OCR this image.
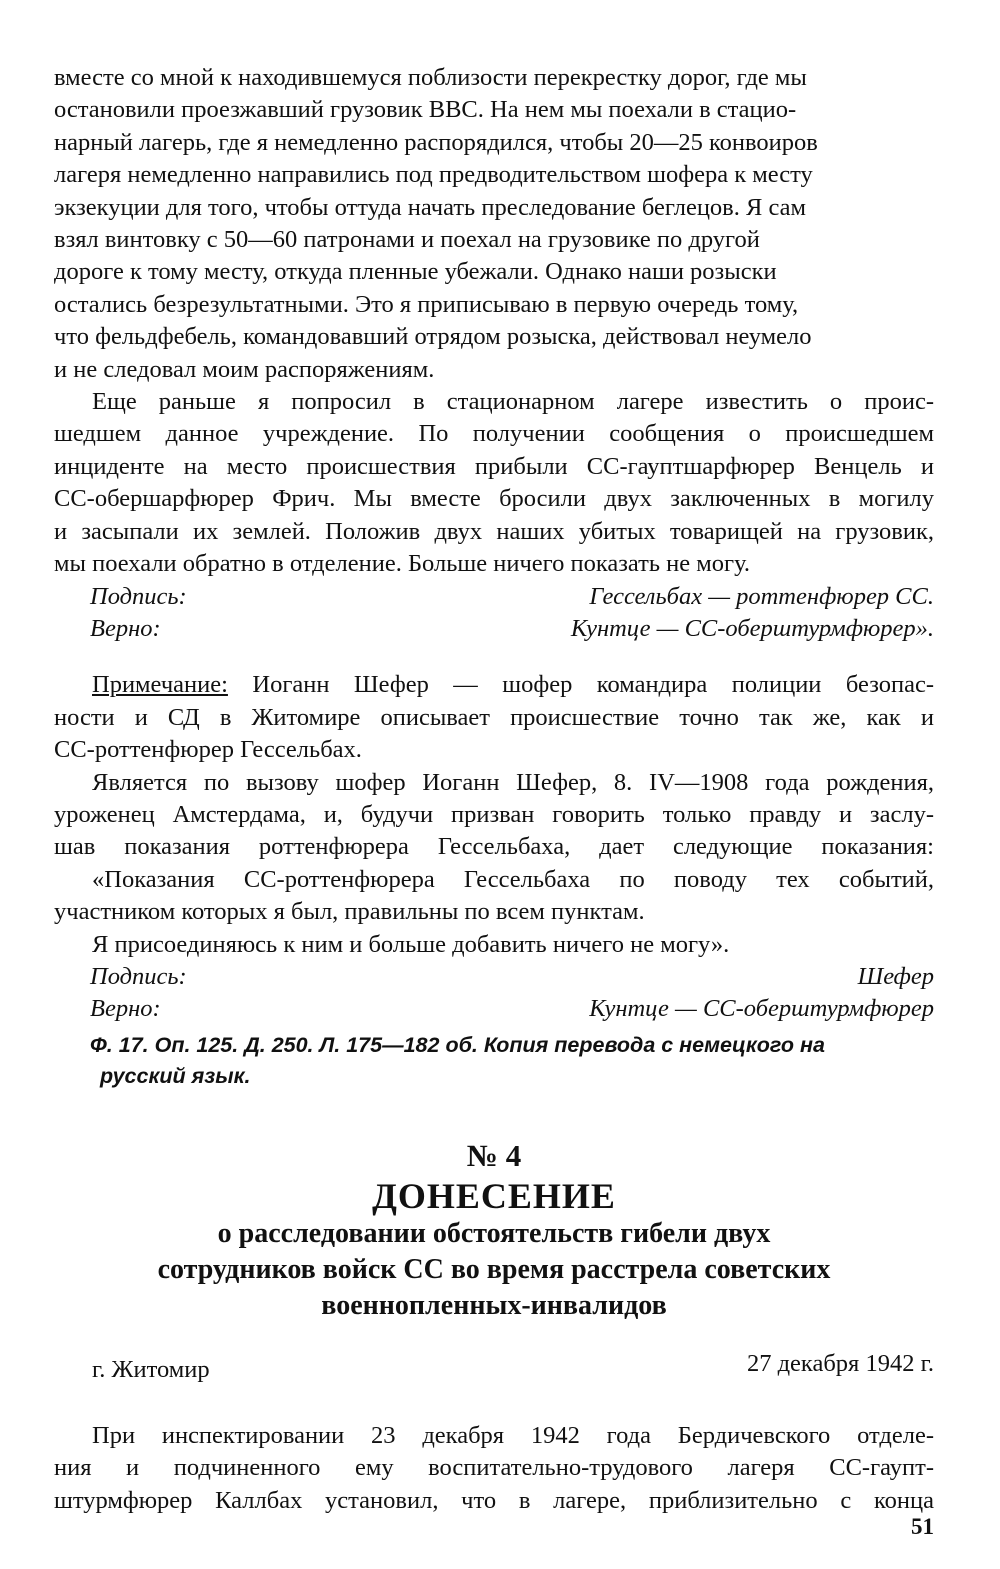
вместе со мной к находившемуся поблизости перекрестку дорог, где мы
остановили проезжавший грузовик ВВС. На нем мы поехали в стацио-
нарный лагерь, где я немедленно распорядился, чтобы 20—25 конвоиров
лагеря немедленно направились под предводительством шофера к месту
экзекуции для того, чтобы оттуда начать преследование беглецов. Я сам
взял винтовку с 50—60 патронами и поехал на грузовике по другой
дороге к тому месту, откуда пленные убежали. Однако наши розыски
остались безрезультатными. Это я приписываю в первую очередь тому,
что фельдфебель, командовавший отрядом розыска, действовал неумело
и не следовал моим распоряжениям.
Еще раньше я попросил в стационарном лагере известить о проис-
шедшем данное учреждение. По получении сообщения о происшедшем
инциденте на место происшествия прибыли СС-гауптшарфюрер Венцель и
СС-обершарфюрер Фрич. Мы вместе бросили двух заключенных в могилу
и засыпали их землей. Положив двух наших убитых товарищей на грузовик,
мы поехали обратно в отделение. Больше ничего показать не могу.
Подпись:	Гессельбах — роттенфюрер СС.
Верно:	Кунтце — СС-оберштурмфюрер».
Примечание: Иоганн Шефер — шофер командира полиции безопас-
ности и СД в Житомире описывает происшествие точно так же, как и
СС-роттенфюрер Гессельбах.
Является по вызову шофер Иоганн Шефер, 8. IV—1908 года рождения,
уроженец Амстердама, и, будучи призван говорить только правду и заслу-
шав показания роттенфюрера Гессельбаха, дает следующие показания:
«Показания СС-роттенфюрера Гессельбаха по поводу тех событий,
участником которых я был, правильны по всем пунктам.
Я присоединяюсь к ним и больше добавить ничего не могу».
Подпись:	Шефер
Верно:	Кунтце — СС-оберштурмфюрер
Ф. 17. Оп. 125. Д. 250. Л. 175—182 об. Копия перевода с немецкого на
русский язык.
№ 4
ДОНЕСЕНИЕ
о расследовании обстоятельств гибели двух
сотрудников войск СС во время расстрела советских
военнопленных-инвалидов
г. Житомир	27 декабря 1942 г.
При инспектировании 23 декабря 1942 года Бердичевского отделе-
ния и подчиненного ему воспитательно-трудового лагеря СС-гаупт-
штурмфюрер Каллбах установил, что в лагере, приблизительно с конца
51
